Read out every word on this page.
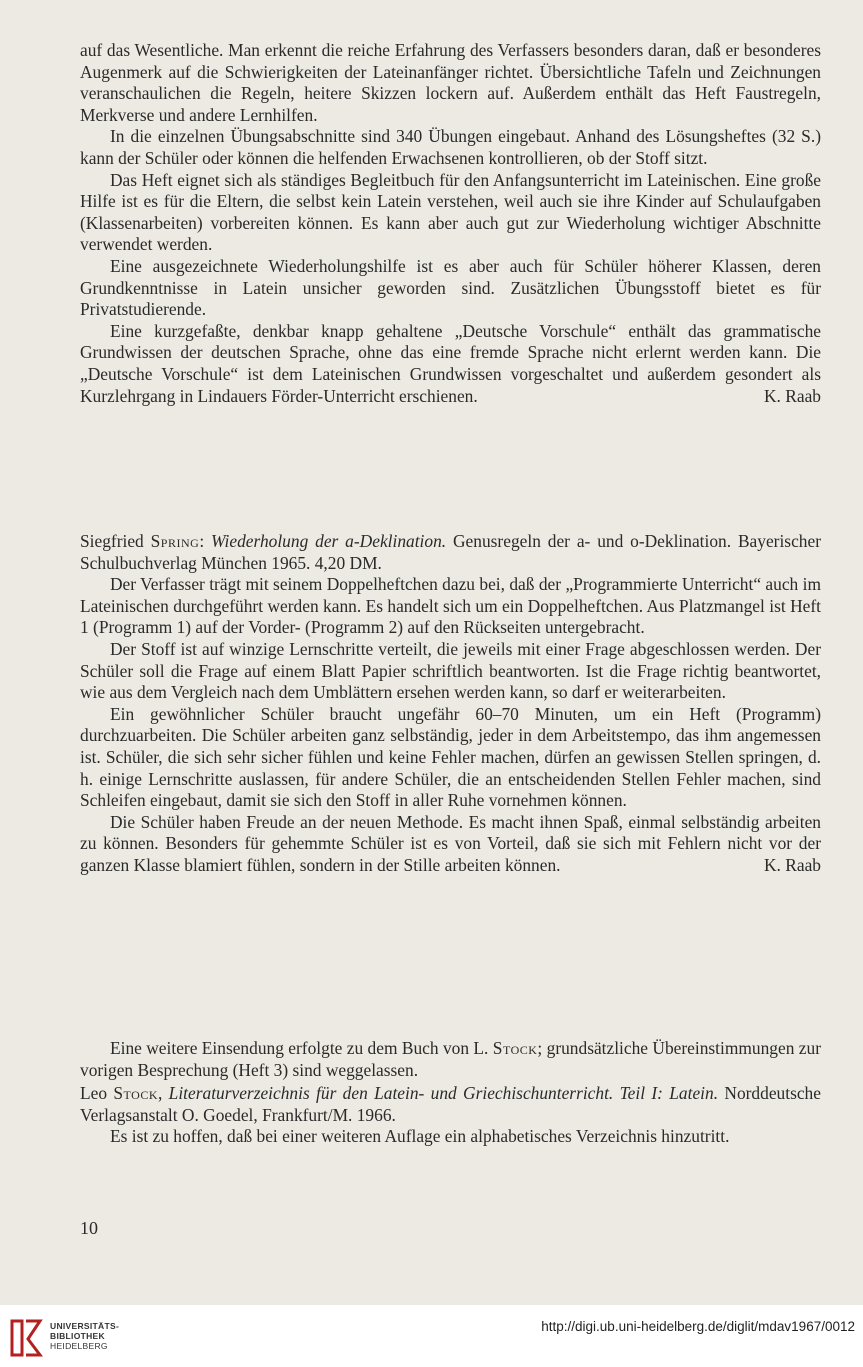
auf das Wesentliche. Man erkennt die reiche Erfahrung des Verfassers besonders daran, daß er besonderes Augenmerk auf die Schwierigkeiten der Lateinanfänger richtet. Übersichtliche Tafeln und Zeichnungen veranschaulichen die Regeln, heitere Skizzen lockern auf. Außerdem enthält das Heft Faustregeln, Merkverse und andere Lernhilfen.

In die einzelnen Übungsabschnitte sind 340 Übungen eingebaut. Anhand des Lösungsheftes (32 S.) kann der Schüler oder können die helfenden Erwachsenen kontrollieren, ob der Stoff sitzt.

Das Heft eignet sich als ständiges Begleitbuch für den Anfangsunterricht im Lateinischen. Eine große Hilfe ist es für die Eltern, die selbst kein Latein verstehen, weil auch sie ihre Kinder auf Schulaufgaben (Klassenarbeiten) vorbereiten können. Es kann aber auch gut zur Wiederholung wichtiger Abschnitte verwendet werden.

Eine ausgezeichnete Wiederholungshilfe ist es aber auch für Schüler höherer Klassen, deren Grundkenntnisse in Latein unsicher geworden sind. Zusätzlichen Übungsstoff bietet es für Privatstudierende.

Eine kurzgefaßte, denkbar knapp gehaltene „Deutsche Vorschule“ enthält das grammatische Grundwissen der deutschen Sprache, ohne das eine fremde Sprache nicht erlernt werden kann. Die „Deutsche Vorschule“ ist dem Lateinischen Grundwissen vorgeschaltet und außerdem gesondert als Kurzlehrgang in Lindauers Förder-Unterricht erschienen.	K. Raab

Siegfried Spring: Wiederholung der a-Deklination. Genusregeln der a- und o-Deklination. Bayerischer Schulbuchverlag München 1965. 4,20 DM.

Der Verfasser trägt mit seinem Doppelheftchen dazu bei, daß der „Programmierte Unterricht“ auch im Lateinischen durchgeführt werden kann. Es handelt sich um ein Doppelheftchen. Aus Platzmangel ist Heft 1 (Programm 1) auf der Vorder- (Programm 2) auf den Rückseiten untergebracht.

Der Stoff ist auf winzige Lernschritte verteilt, die jeweils mit einer Frage abgeschlossen werden. Der Schüler soll die Frage auf einem Blatt Papier schriftlich beantworten. Ist die Frage richtig beantwortet, wie aus dem Vergleich nach dem Umblättern ersehen werden kann, so darf er weiterarbeiten.

Ein gewöhnlicher Schüler braucht ungefähr 60–70 Minuten, um ein Heft (Programm) durchzuarbeiten. Die Schüler arbeiten ganz selbständig, jeder in dem Arbeitstempo, das ihm angemessen ist. Schüler, die sich sehr sicher fühlen und keine Fehler machen, dürfen an gewissen Stellen springen, d. h. einige Lernschritte auslassen, für andere Schüler, die an entscheidenden Stellen Fehler machen, sind Schleifen eingebaut, damit sie sich den Stoff in aller Ruhe vornehmen können.

Die Schüler haben Freude an der neuen Methode. Es macht ihnen Spaß, einmal selbständig arbeiten zu können. Besonders für gehemmte Schüler ist es von Vorteil, daß sie sich mit Fehlern nicht vor der ganzen Klasse blamiert fühlen, sondern in der Stille arbeiten können.	K. Raab

Eine weitere Einsendung erfolgte zu dem Buch von L. Stock; grundsätzliche Übereinstimmungen zur vorigen Besprechung (Heft 3) sind weggelassen.

Leo Stock, Literaturverzeichnis für den Latein- und Griechischunterricht. Teil I: Latein. Norddeutsche Verlagsanstalt O. Goedel, Frankfurt/M. 1966.

Es ist zu hoffen, daß bei einer weiteren Auflage ein alphabetisches Verzeichnis hinzutritt.

10
UNIVERSITÄTS-
BIBLIOTHEK
HEIDELBERG
http://digi.ub.uni-heidelberg.de/diglit/mdav1967/0012
